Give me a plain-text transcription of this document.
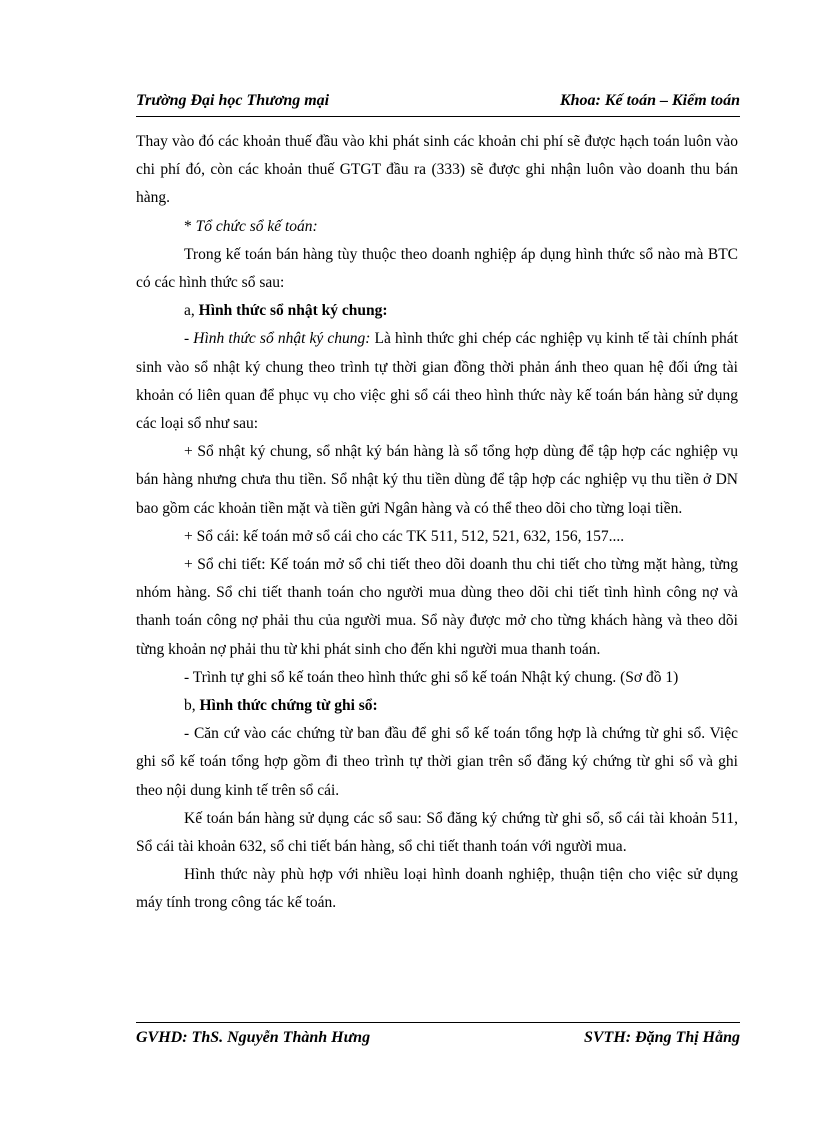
Trường Đại học Thương mại	Khoa: Kế toán – Kiểm toán

Thay vào đó các khoản thuế đầu vào khi phát sinh các khoản chi phí sẽ được hạch toán luôn vào chi phí đó, còn các khoản thuế GTGT đầu ra (333) sẽ được ghi nhận luôn vào doanh thu bán hàng.

* Tổ chức sổ kế toán:

Trong kế toán bán hàng tùy thuộc theo doanh nghiệp áp dụng hình thức sổ nào mà BTC có các hình thức sổ sau:

a, Hình thức sổ nhật ký chung:

- Hình thức sổ nhật ký chung: Là hình thức ghi chép các nghiệp vụ kinh tế tài chính phát sinh vào sổ nhật ký chung theo trình tự thời gian đồng thời phản ánh theo quan hệ đối ứng tài khoản có liên quan để phục vụ cho việc ghi sổ cái theo hình thức này kế toán bán hàng sử dụng các loại sổ như sau:

+ Sổ nhật ký chung, sổ nhật ký bán hàng là sổ tổng hợp dùng để tập hợp các nghiệp vụ bán hàng nhưng chưa thu tiền. Sổ nhật ký thu tiền dùng để tập hợp các nghiệp vụ thu tiền ở DN bao gồm các khoản tiền mặt và tiền gửi Ngân hàng và có thể theo dõi cho từng loại tiền.

+ Sổ cái: kế toán mở sổ cái cho các TK 511, 512, 521, 632, 156, 157....

+ Sổ chi tiết: Kế toán mở sổ chi tiết theo dõi doanh thu chi tiết cho từng mặt hàng, từng nhóm hàng. Sổ chi tiết thanh toán cho người mua dùng theo dõi chi tiết tình hình công nợ và thanh toán công nợ phải thu của người mua. Sổ này được mở cho từng khách hàng và theo dõi từng khoản nợ phải thu từ khi phát sinh cho đến khi người mua thanh toán.

- Trình tự ghi sổ kế toán theo hình thức ghi sổ kế toán Nhật ký chung. (Sơ đồ 1)

b, Hình thức chứng từ ghi sổ:

- Căn cứ vào các chứng từ ban đầu để ghi sổ kế toán tổng hợp là chứng từ ghi sổ. Việc ghi sổ kế toán tổng hợp gồm đi theo trình tự thời gian trên sổ đăng ký chứng từ ghi sổ và ghi theo nội dung kinh tế trên sổ cái.

Kế toán bán hàng sử dụng các sổ sau: Sổ đăng ký chứng từ ghi sổ, sổ cái tài khoản 511, Sổ cái tài khoản 632, sổ chi tiết bán hàng, sổ chi tiết thanh toán với người mua.

Hình thức này phù hợp với nhiều loại hình doanh nghiệp, thuận tiện cho việc sử dụng máy tính trong công tác kế toán.

GVHD: ThS. Nguyễn Thành Hưng	SVTH: Đặng Thị Hằng
